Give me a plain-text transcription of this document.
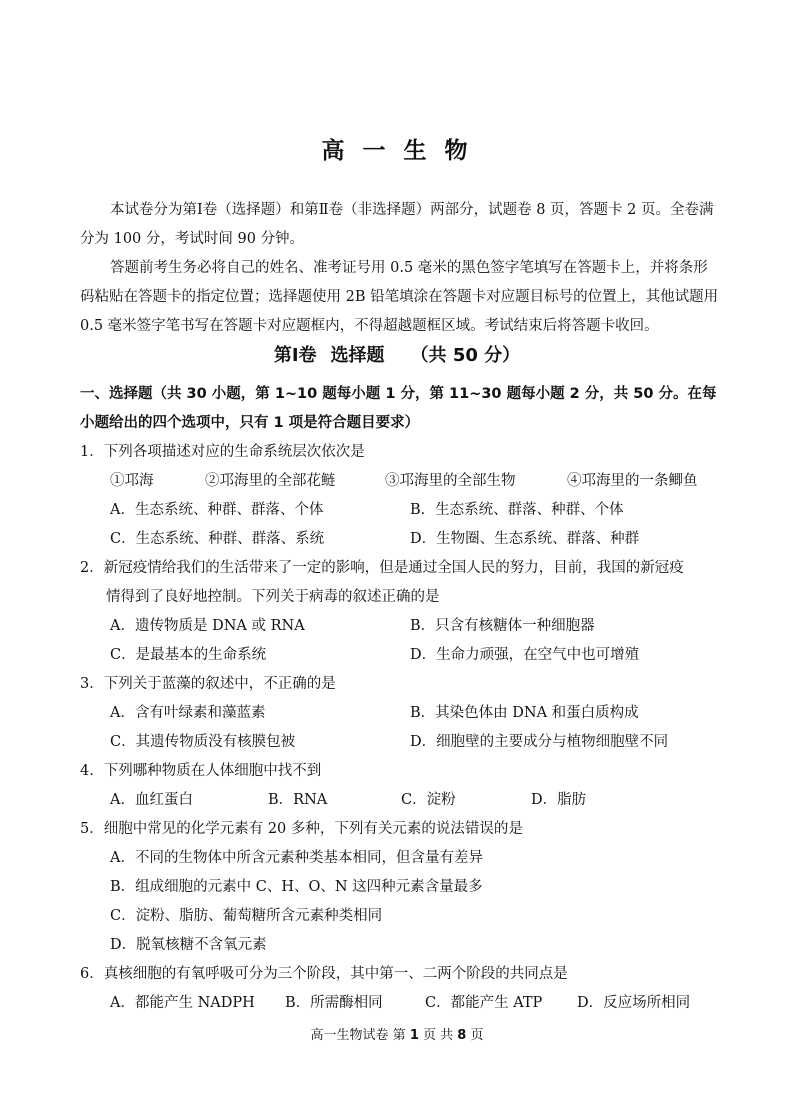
高 一 生 物

本试卷分为第Ⅰ卷（选择题）和第Ⅱ卷（非选择题）两部分，试题卷 8 页，答题卡 2 页。全卷满分为 100 分，考试时间 90 分钟。

答题前考生务必将自己的姓名、准考证号用 0.5 毫米的黑色签字笔填写在答题卡上，并将条形码粘贴在答题卡的指定位置；选择题使用 2B 铅笔填涂在答题卡对应题目标号的位置上，其他试题用 0.5 毫米签字笔书写在答题卡对应题框内，不得超越题框区域。考试结束后将答题卡收回。

第Ⅰ卷 选择题 （共 50 分）
一、选择题（共 30 小题，第 1~10 题每小题 1 分，第 11~30 题每小题 2 分，共 50 分。在每小题给出的四个选项中，只有 1 项是符合题目要求）
1．下列各项描述对应的生命系统层次依次是
①邛海	②邛海里的全部花鲢	③邛海里的全部生物	④邛海里的一条鲫鱼
A．生态系统、种群、群落、个体	B．生态系统、群落、种群、个体
C．生态系统、种群、群落、系统	D．生物圈、生态系统、群落、种群
2．新冠疫情给我们的生活带来了一定的影响，但是通过全国人民的努力，目前，我国的新冠疫
情得到了良好地控制。下列关于病毒的叙述正确的是
A．遗传物质是 DNA 或 RNA	B．只含有核糖体一种细胞器
C．是最基本的生命系统	D．生命力顽强，在空气中也可增殖
3．下列关于蓝藻的叙述中，不正确的是
A．含有叶绿素和藻蓝素	B．其染色体由 DNA 和蛋白质构成
C．其遗传物质没有核膜包被	D．细胞壁的主要成分与植物细胞壁不同
4．下列哪种物质在人体细胞中找不到
A．血红蛋白	B．RNA	C．淀粉	D．脂肪
5．细胞中常见的化学元素有 20 多种，下列有关元素的说法错误的是
A．不同的生物体中所含元素种类基本相同，但含量有差异
B．组成细胞的元素中 C、H、O、N 这四种元素含量最多
C．淀粉、脂肪、葡萄糖所含元素种类相同
D．脱氧核糖不含氧元素
6．真核细胞的有氧呼吸可分为三个阶段，其中第一、二两个阶段的共同点是
A．都能产生 NADPH	B．所需酶相同	C．都能产生 ATP	D．反应场所相同
高一生物试卷 第 1 页 共 8 页
